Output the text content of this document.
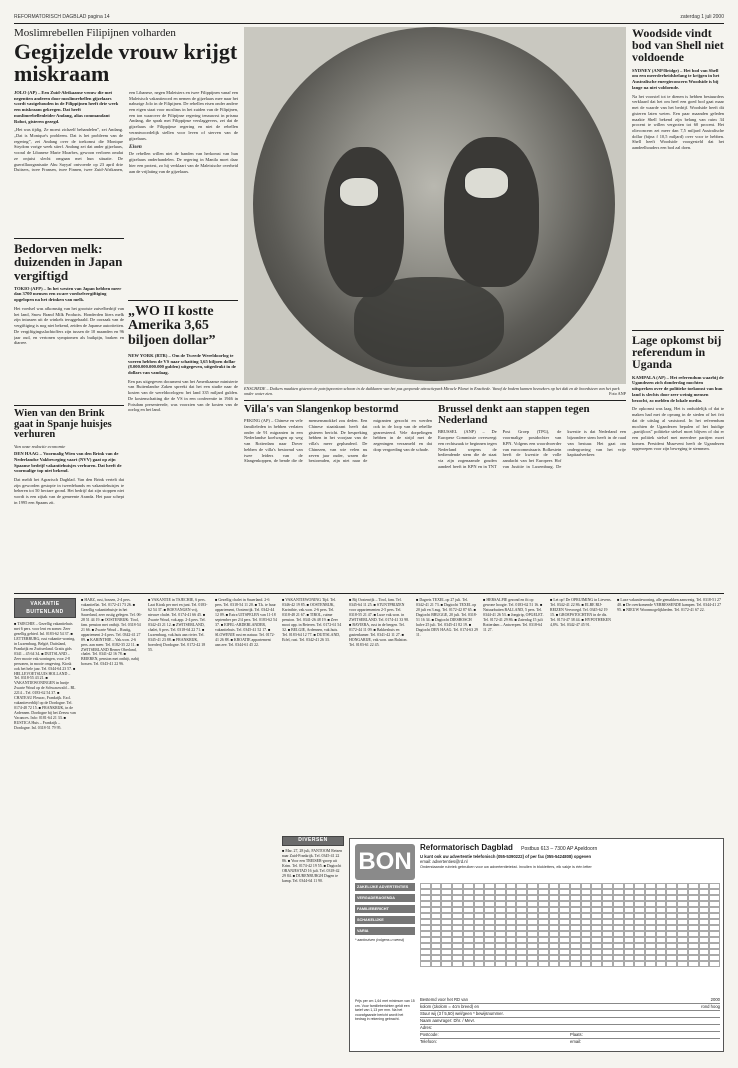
REFORMATORISCH DAGBLAD pagina 14	zaterdag 1 juli 2000
Moslimrebellen Filipijnen volharden
Gegijzelde vrouw krijgt miskraam
JOLO (AP) – Een Zuid-Afrikaanse vrouw die met negentien anderen door moslimrebellen gijzelaars wordt vastgehouden in de Filippijnen heeft drie week een miskraam gekregen. Dat heeft moslimrebellenleider Andang, alias commandant Robot, gisteren gezegd.
„Het was tijdig. Ze moest zichzelf behandelen”, zei Andang. „Dat is Monique's probleem. Dat is het probleem van de regering”, zei Andang over de toekomst die Monique Strydom vorige week stierf. Andang zei dat ander gijzelaars, vooral de Libanese Marie Moarbes, gewoon verloren omdat ze onjuist slecht omgaan met hun situatie. De guerrillaorganisatie Abu Sayyaf ontvoerde op 23 april drie Duitsers, twee Fransen, twee Finnen, twee Zuid-Afrikanen, een Libanese, negen Maleisiers en twee Filippijnen vanaf een Maleisisch vakantieoord en nemen de gijzelaars mee naar het naburige Jolo in de Filipijnen. De rebellen eisen onder andere een eigen staat voor moslims in het zuiden van de Filipijnen, een ton waarover de Filipijnse regering tenauwrst in prisma Andang, die sprak met Filippijnse verslaggevers, zei dat de gijzelaars de Filippijnse regering en niet de rebellen verantwoordelijk stellen voor leven of sterven van de gijzelaars.
Eisen
De rebellen willen niet de banden van herkomst van hun gijzelaars onderhandelen. De regering in Manila moet daar hier een protest, zo hij verklaart van de Maleisische overheid aan de vrijlating van de gijzelaars.
ENSCHEDE – Duikers maakten gisteren de patrijspoorten schoon in de duikkaren van het pas geopende attractiepark Miracle Planet in Enschede. Vanaf de bodem kunnen bezoekers op het dak en de boordsteen van het park onder water zien.	Foto ANP
Woodside vindt bod van Shell niet voldoende
SYDNEY (ANP/Bridge) – Het bod van Shell om een meerderheidsbelang te krijgen in het Australische energieconcern Woodside is bij lange na niet voldoende.
Na het voorstel tot te dienen is hebben bestuurders verklaard dat het om heel een goed bod gaat maar met de waarde van het bedrijf. Woodside heeft dit gisteren laten weten. Een paar maanden geleden maakte Shell bekend zijn belang van ruim 34 procent te willen vergroten tot 60 procent. Het olieconcern zei meer dan 7,5 miljard Australische dollar (bijna f 10,5 miljard) over voor te hebben. Shell heeft Woodside voorgesteld dat het aandeelhouders een bod zal doen.
Lage opkomst bij referendum in Uganda
KAMPALA (AP) – Het referendum waarbij de Ugandezen zich donderdag mochten uitspreken over de politieke toekomst van hun land is slechts door zeer weinig mensen bezocht, zo melden de lokale media.
De opkomst was laag. Het is onduidelijk of dat te maken had met de opvang in de steden of het feit dat de uitslag al vaststond. In het referendum mochten de Ugandezen bepalen of het huidige „partijloos” politieke stelsel moet blijven of dat er een politiek stelsel met meerdere partijen moet komen. President Museveni heeft de Ugandezen opgeroepen voor zijn beweging te stemmen.
Bedorven melk: duizenden in Japan vergiftigd
TOKIO (AFP) – In het westen van Japan hebben meer dan 3700 mensen een zware voedselvergiftiging opgelopen na het drinken van melk.
Het voedsel was afkomstig van het grootste zuivelbedrijf van het land, Snow Brand Milk Products. Honderden liters melk zijn intussen uit de winkels teruggehaald. De oorzaak van de vergiftiging is nog niet bekend, zeiden de Japanse autoriteiten. De vergiftigingsslachtoffers zijn tussen de 10 maanden en 96 jaar oud, en vertonen symptomen als buikpijn, braken en diarree.
Wien van den Brink gaat in Spanje huisjes verhuren
Van onze redactie economie
DEN HAAG – Voormalig Wien van den Brink van de Nederlandse Vakbeweging vaart (NVV) gaat op zijn Spaanse bedrijf vakantiehuisjes verhuren. Dat heeft de voormalige top niet bekend.
Dat meldt het Agrarisch Dagblad. Van den Brink vertelt dat zijn geworden gestopte in tweedehands en vakantiehuisjes te beheren tot 50 hectare grond. Het bedrijf dat zijn stoppen niet wordt is een zijtak van de gemeente Aranda. Het paar schept in 1995 een Spaans zit.
„WO II kostte Amerika 3,65 biljoen dollar”
NEW YORK (RTR) – Om de Tweede Wereldoorlog te voeren hebben de VS naar schatting 3,65 biljoen dollar (8.000.000.000.000 gulden) uitgegeven, uitgedrukt in de dollars van vandaag.
Een pas uitgegeven document van het Amerikaanse ministerie van Buitenlandse Zaken spreekt dat het een studie naar de kosten van de wereldoorlogen: het land 335 miljard gulden. De kostenschatting die de VS in een conferentie in 1946 in Potsdam presenteerde, was voorzien van de kosten van de oorlog en het land.	Villa's van Slangenkop bestormd
PEKING (AP) – Chinese en vele familieleden in hebben verlaten onder de 91 migranten in een Nederlandse koelwagen op weg van Rotterdam naar Dover hebben de villa's bestormd van twee leiders van de Slangenkoppen, de bende die de mensensmokkel zou deden. Een Chinese staatskrant heeft dat gisteren bericht. De bespreking hebben in het voorjaar van de villa's meer geplunderd. De Chinezen, van wie velen nu zeven jaar ouder, waren die bestormden, zijn niet naar de migranten gezocht en werden ook in de loop van de rebellie gearresteerd. Vele dorpelingen hebben in de strijd met de zegeningen verzameld en dat dorp vergoeding van de schade.
Brussel denkt aan stappen tegen Nederland
BRUSSEL (ANP) – De Europese Commissie overweegt een rechtszaak te beginnen tegen Nederland wegens de bediendende stem die de staat via zijn zogenaamde gouden aandeel heeft in KPN en in TNT Post Groep (TPG), de voormalige postdochter van KPN. Volgens een woordvoerder van eurocommissaris Bolkestein heeft de kwestie de volle aandacht van het Europees Hof van Justitie in Luxemburg. De kwestie is dat Nederland een bijzondere stem heeft in de raad van bestuur. Het gaat om ondergraving van het vrije kapitaalverkeer.
VAKANTIE BUITENLAND
■ TSJECHIE – Gezellig vakantiehuis met 6 pers. voor lent en zomer. Zeer gezellig gebied. Inl. 0183-62 54 37. ■ LETTERBURG, rust vakantie-woning, in Luxemburg, België, Duitsland, Frankrijk en Zwitserland. Gratis gids 0341 – 45 64 34. ■ DUITSLAND – Zeer mooie vak.woningen, voor 2-8 personen, in mooie omgeving. Kiosk ook het hele jaar. Tel. 0344-64 23 57. ■ HELLEVOETSLUIS HOLLAND – Tel. 0318-55 43 21. ■ VAKANTIEWONINGEN in hartje Zwarte Woud op de Schwarzwald – BL 2214 – Tel. 0183-62 54 37. ■ CHATEAU Fleurac, Frankrijk. Excl. vakantieverblijf op de Dordogne. Tel. 0174-48 72 15. ■ FRANKRIJK, in de Ardennen. Dordogne bij het Zeeuw van Vacances. Info: 0181-64 21 33. ■ RUSTICA Huis – Frankrijk – Dordogne. Inl. 0318-51 79 95.
■ HARZ, rust, bossen, 2-4 pers. vakantieflat. Tel. 0172-41 73 26. ■ Gezellig vakantiehuisje in het Sauerland, zeer rustig gelegen. Tel. 06-28 51 44 19. ■ OOSTENRIJK: Tirol, fam. pension met ontbijt. Tel. 0318-54 21 66. ■ Zwarte Woud – Rustig, appartement 2-4 pers. Tel. 0342-41 27 89. ■ KARINTHIE – Vak.won. 2-6 pers. aan meer. Tel. 0182-35 22 11. ■ ZWITSERLAND Berner Oberland, chalet. Tel. 0341-42 16 78. ■ BEIEREN, pension met ontbijt, nabij bossen. Tel. 0343-41 22 96.
■ VAKANTIE in TSJECHIE, 6 pers. Laat Kiosk per mei en juni. Tel. 0183-62 54 37. ■ BOEVANGEN vrij, nieuwe chalet. Tel. 0174-41 66 45. ■ Zwarte Woud, vak.app. 2-4 pers. Tel. 0342-43 21 12. ■ ZWITSERLAND, chalet, 6 pers. Tel. 0318-64 22 71. ■ Luxemburg, vak.huis aan rivier. Tel. 0345-41 23 88. ■ FRANKRIJK, boerderij Dordogne. Tel. 0172-42 18 55.
■ Gezellig chalet in Sauerland. 2-6 pers. Tel. 0318-54 11 20. ■ T.k. te huur appartement, Oostenrijk. Tel. 0342-44 12 09. ■ Extra UITSPELEN van 11-18 september per 2/4 pers. Tel. 0183-62 54 37. ■ EIFEL-ARDEBLANDER, vakantiehuis. Tel. 0345-41 52 17. ■ SLOWENIE rust en natuur. Tel. 0172-41 26 88. ■ KROATIE appartement aan zee. Tel. 0344-61 45 22.
■ VAKANTIEWONING Tijd. Tel. 0346-42 19 85. ■ OOSTENRIJK, Karinthie, vak.won. 2-6 pers. Tel. 0318-48 21 67. ■ TIROL, ruime pension. Tel. 0341-26 48 19. ■ Zeer mooi app. in Beieren. Tel. 0172-61 54 32. ■ BELGIE, Ardennen, vak.huis. Tel. 0183-64 12 77. ■ DUITSLAND, Eifel, rust. Tel. 0342-41 26 33.
■ Bij Oostenrijk – Tirol, fam. Tel. 0345-64 11 25. ■ STUNTPRIJZEN voor appartementen 2-5 pers. Tel. 0318-55 21 47. ■ Luxe vak.won. in ZWITSERLAND. Tel. 0174-41 33 98. ■ BAVIERA, rust in de bergen. Tel. 0172-44 11 09. ■ Bakkeshuis en gastenkamer. Tel. 0341-42 11 27. ■ HONGARIJE, vak.won. aan Balaton. Tel. 0183-61 22 45.
■ Dagreis TEXEL op 27 juli. Tel. 0342-41 21 73. ■ Dagtocht TEXEL op 20 juli en 3 aug. Tel. 0172-42 87 65. ■ Dagtocht BRUGGE, 20 juli. Tel. 0318-51 16 34. ■ Dagtocht DIESBOSCH halve 25 juli. Tel. 0345-41 82 19. ■ Dagtocht DEN HAAG. Tel. 0174-63 29 11.
■ HERSALPIE gezond en fit op gewone hoogte. Tel. 0183-62 51 16. ■ Natuurbuiten BALLAND, 5 pers. Tel. 0344-41 26 53. ■ Jongtrip, OPGELET. Tel. 0172-41 29 86. ■ Zaterdag 15 juli Rotterdam – Antwerpen. Tel. 0318-64 11 27.
■ Let op! De OPRUIMING in Lievens. Tel. 0342-41 22 86. ■ ELBE RIJ-REIZEN Vervroegd. Tel. 0345-62 19 15. ■ GROEPSTOCHTEN in de dis. Tel. 0174-47 38 44. ■ HYPOTHEKEN 4,8%. Tel. 0342-47 45 91.
■ Luxe vakantiewoning, alle gemakken aanwezig. Tel. 0318-51 27 40. ■ De overkomende VERBESSENDE kampen. Tel. 0344-41 27 95. ■ NIEUW Woonmogelijkheden. Tel. 0172-41 67 22.
DIVERSEN
■ Mar. 27, 28 juli, FANTOOM Reizen naar Zuid-Frankrijk. Tel. 0345-41 22 86. ■ Voor een TREISER-groep uit Krim. Tel. 0174-42 19 55. ■ Dagtocht ORANJESTAD 16 juli. Tel. 0318-42 29 84. ■ DURENBURGH Dagen te kamp. Tel. 0344-64 11 90.
BON
Reformatorisch Dagblad Postbus 613 – 7300 AP Apeldoorn
U kunt ook uw advertentie telefonisch (055-5390222) of per fax (055-5424808) opgeven
email: advertenties@rd.nl
Onderstaande rubriek gebruiken voor uw advertentietekst. Invullen in blokletters, elk vakje is één letter
ZAKELIJKE ADVERTENTIES
VERGADERAGENDA
FAMILIEBERICHT
SCHAKELIJKE
VARIA
* aankruisen (volgens u wenst)
Prijs per cm 1,64 met minimum van 15 cm. Voor familieberichten geldt een tarief van 1,13 per mm. Na het voorafgaande bericht wordt het bedrag in rekening gebracht.
Bestemd voor het RD van	2000
kolom (1kolom = 4cm breed) en	rond hoog
Stuur wij (3 f 5,50) wel/geen * bewijsnummer.
Naam aanvrager: Dhr. / Mevr.
Adres:
Postcode:	Plaats:
Telefoon:	email:
